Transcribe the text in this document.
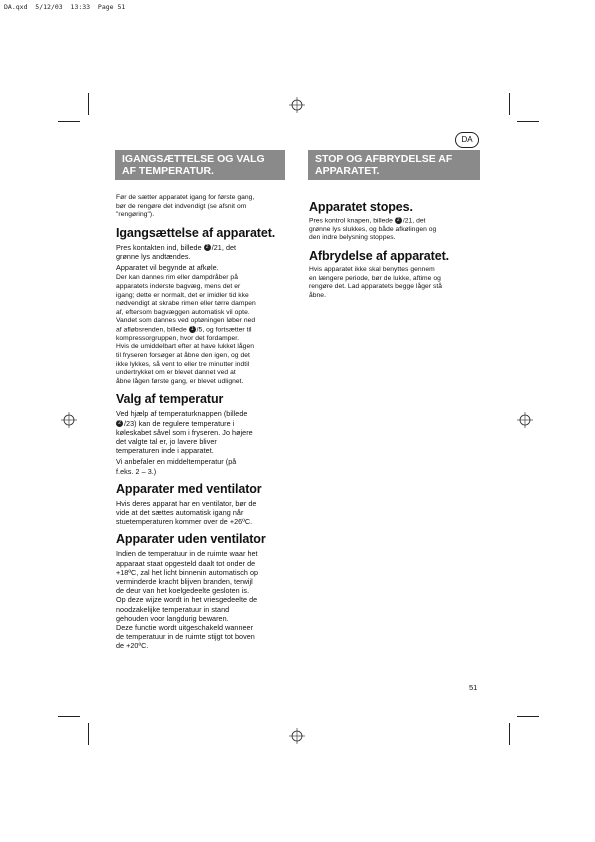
DA.qxd  5/12/03  13:33  Page 51
DA
IGANGSÆTTELSE OG VALG
AF TEMPERATUR.

Før de sætter apparatet igang for første gang,
bør de rengøre det indvendigt (se afsnit om
"rengøring").

Igangsættelse af apparatet.

Pres kontakten ind, billede 2 /21, det
grønne lys andtændes.

Apparatet vil begynde at afkøle.

Der kan dannes rim eller dampdråber på
apparatets inderste bagvæg, mens det er
igang; dette er normalt, det er imidler tid kke
nødvendigt at skrabe rimen eller tørre dampen
af, eftersom bagvæggen automatisk vil opte.
Vandet som dannes ved optøningen løber ned
af afløbsrenden, billede 1 /5, og fortsætter til
kompressorgruppen, hvor det fordamper.
Hvis de umiddelbart efter at have lukket lågen
til fryseren forsøger at åbne den igen, og det
ikke lykkes, så vent to eller tre minutter indtil
undertrykket om er blevet dannet ved at
åbne lågen første gang, er blevet udlignet.

Valg af temperatur

Ved hjælp af temperaturknappen (billede
2 /23) kan de regulere temperature i
køleskabet såvel som i fryseren. Jo højere
det valgte tal er, jo lavere bliver
temperaturen inde i apparatet.

Vi anbefaler en middeltemperatur (på
f.eks. 2 – 3.)

Apparater med ventilator

Hvis deres apparat har en ventilator, bør de
vide at det sættes automatisk igang når
stuetemperaturen kommer over de +26ºC.

Apparater uden ventilator

Indien de temperatuur in de ruimte waar het
apparaat staat opgesteld daalt tot onder de
+18ºC, zal het licht binnenin automatisch op
verminderde kracht blijven branden, terwijl
de deur van het koelgedeelte gesloten is.
Op deze wijze wordt in het vriesgedeelte de
noodzakelijke temperatuur in stand
gehouden voor langdurig bewaren.
Deze functie wordt uitgeschakeld wanneer
de temperatuur in de ruimte stijgt tot boven
de +20ºC.

STOP OG AFBRYDELSE AF
APPARATET.
Apparatet stopes.

Pres kontrol knapen, billede 2 /21, det
grønne lys slukkes, og både afkølingen og
den indre belysning stoppes.

Afbrydelse af apparatet.

Hvis apparatet ikke skal benyttes gennem
en længere periode, bør de lukke, aftime og
rengøre det. Lad apparatets begge låger stå
åbne.

51
